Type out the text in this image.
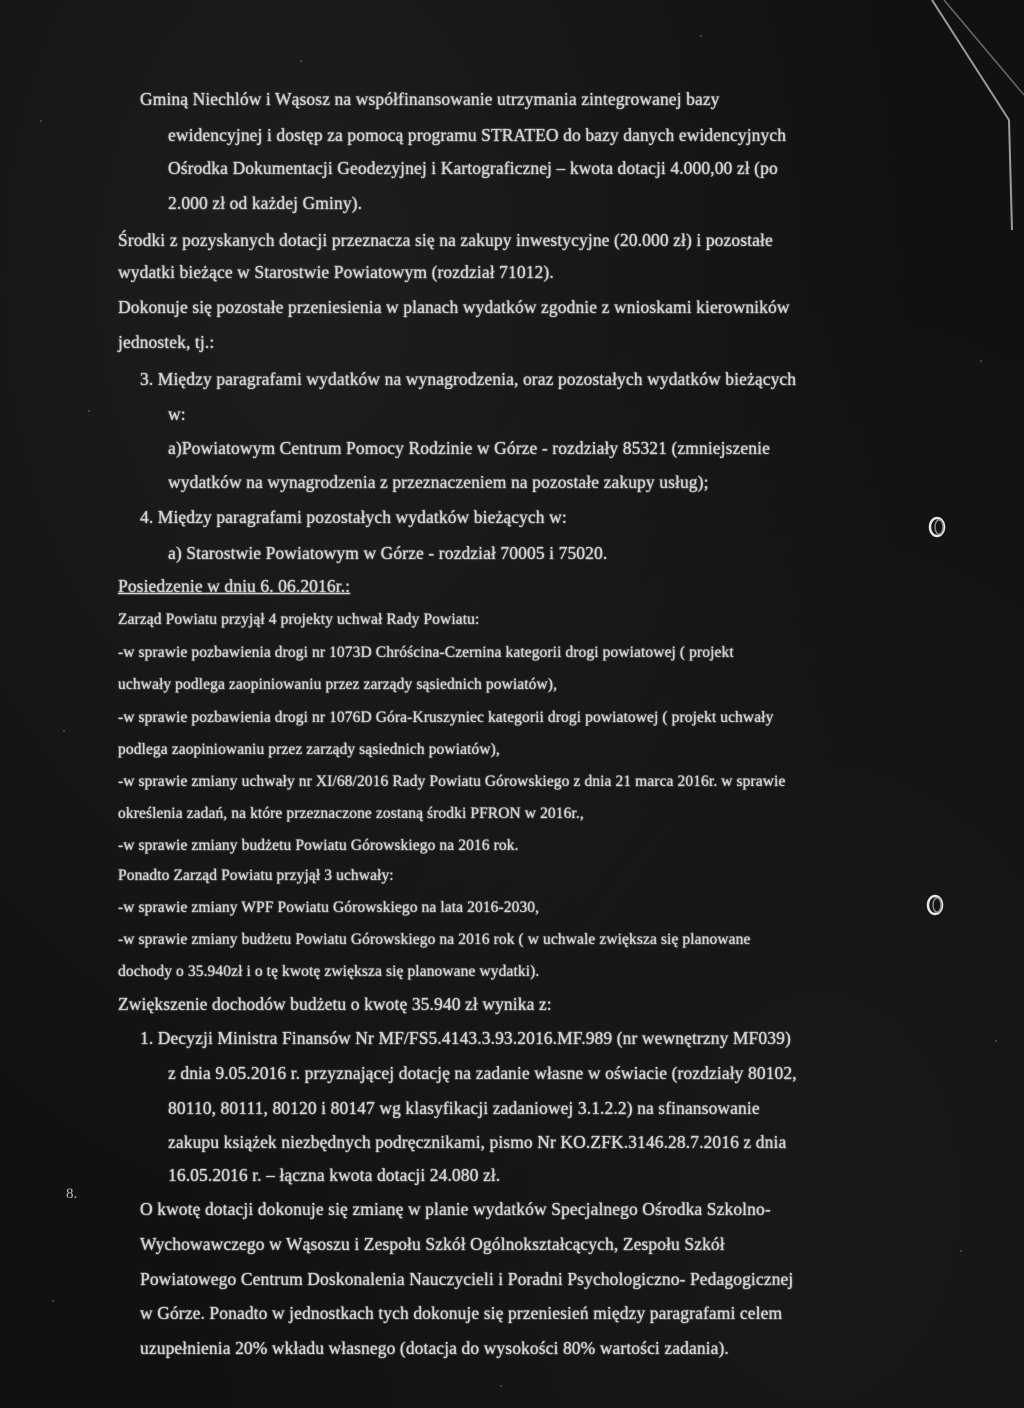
8.
Gminą Niechlów i Wąsosz na współfinansowanie utrzymania zintegrowanej bazy
ewidencyjnej i dostęp za pomocą programu STRATEO do bazy danych ewidencyjnych
Ośrodka Dokumentacji Geodezyjnej i Kartograficznej – kwota dotacji 4.000,00 zł (po
2.000 zł od każdej Gminy).
Środki z pozyskanych dotacji przeznacza się na zakupy inwestycyjne (20.000 zł) i pozostałe
wydatki bieżące w Starostwie Powiatowym (rozdział 71012).
Dokonuje się pozostałe przeniesienia w planach wydatków zgodnie z wnioskami kierowników
jednostek, tj.:
3. Między paragrafami wydatków na wynagrodzenia, oraz pozostałych wydatków bieżących
w:
a)Powiatowym Centrum Pomocy Rodzinie w Górze - rozdziały 85321 (zmniejszenie
wydatków na wynagrodzenia z przeznaczeniem na pozostałe zakupy usług);
4. Między paragrafami pozostałych wydatków bieżących w:
a) Starostwie Powiatowym w Górze - rozdział 70005 i 75020.
Posiedzenie w dniu 6. 06.2016r.:
Zarząd Powiatu przyjął 4 projekty uchwał Rady Powiatu:
-w sprawie pozbawienia drogi nr 1073D Chróścina-Czernina kategorii drogi powiatowej ( projekt
uchwały podlega zaopiniowaniu przez zarządy sąsiednich powiatów),
-w sprawie pozbawienia drogi nr 1076D Góra-Kruszyniec kategorii drogi powiatowej ( projekt uchwały
podlega zaopiniowaniu przez zarządy sąsiednich powiatów),
-w sprawie zmiany uchwały nr XI/68/2016 Rady Powiatu Górowskiego z dnia 21 marca 2016r. w sprawie
określenia zadań, na które przeznaczone zostaną środki PFRON w 2016r.,
-w sprawie zmiany budżetu Powiatu Górowskiego na 2016 rok.
Ponadto Zarząd Powiatu przyjął 3 uchwały:
-w sprawie zmiany WPF Powiatu Górowskiego na lata 2016-2030,
-w sprawie zmiany budżetu Powiatu Górowskiego na 2016 rok ( w uchwale zwiększa się planowane
dochody o 35.940zł i o tę kwotę zwiększa się planowane wydatki).
Zwiększenie dochodów budżetu o kwotę 35.940 zł wynika z:
1. Decyzji Ministra Finansów Nr MF/FS5.4143.3.93.2016.MF.989 (nr wewnętrzny MF039)
z dnia 9.05.2016 r. przyznającej dotację na zadanie własne w oświacie (rozdziały 80102,
80110, 80111, 80120 i 80147 wg klasyfikacji zadaniowej 3.1.2.2) na sfinansowanie
zakupu książek niezbędnych podręcznikami, pismo Nr KO.ZFK.3146.28.7.2016 z dnia
16.05.2016 r. – łączna kwota dotacji 24.080 zł.
O kwotę dotacji dokonuje się zmianę w planie wydatków Specjalnego Ośrodka Szkolno-
Wychowawczego w Wąsoszu i Zespołu Szkół Ogólnokształcących, Zespołu Szkół
Powiatowego Centrum Doskonalenia Nauczycieli i Poradni Psychologiczno- Pedagogicznej
w Górze. Ponadto w jednostkach tych dokonuje się przeniesień między paragrafami celem
uzupełnienia 20% wkładu własnego (dotacja do wysokości 80% wartości zadania).
